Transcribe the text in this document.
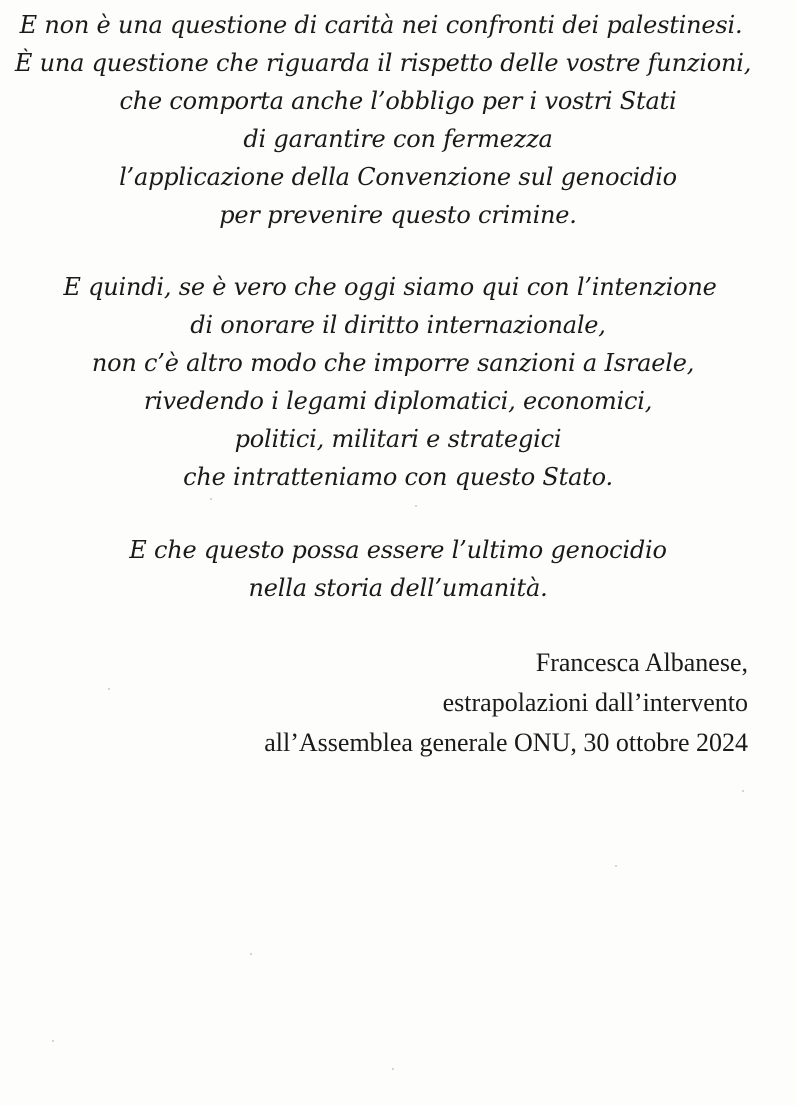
E non è una questione di carità nei confronti dei palestinesi.
È una questione che riguarda il rispetto delle vostre funzioni,
che comporta anche l’obbligo per i vostri Stati
di garantire con fermezza
l’applicazione della Convenzione sul genocidio
per prevenire questo crimine.
E quindi, se è vero che oggi siamo qui con l’intenzione
di onorare il diritto internazionale,
non c’è altro modo che imporre sanzioni a Israele,
rivedendo i legami diplomatici, economici,
politici, militari e strategici
che intratteniamo con questo Stato.
E che questo possa essere l’ultimo genocidio
nella storia dell’umanità.
Francesca Albanese,
estrapolazioni dall’intervento
all’Assemblea generale ONU, 30 ottobre 2024
